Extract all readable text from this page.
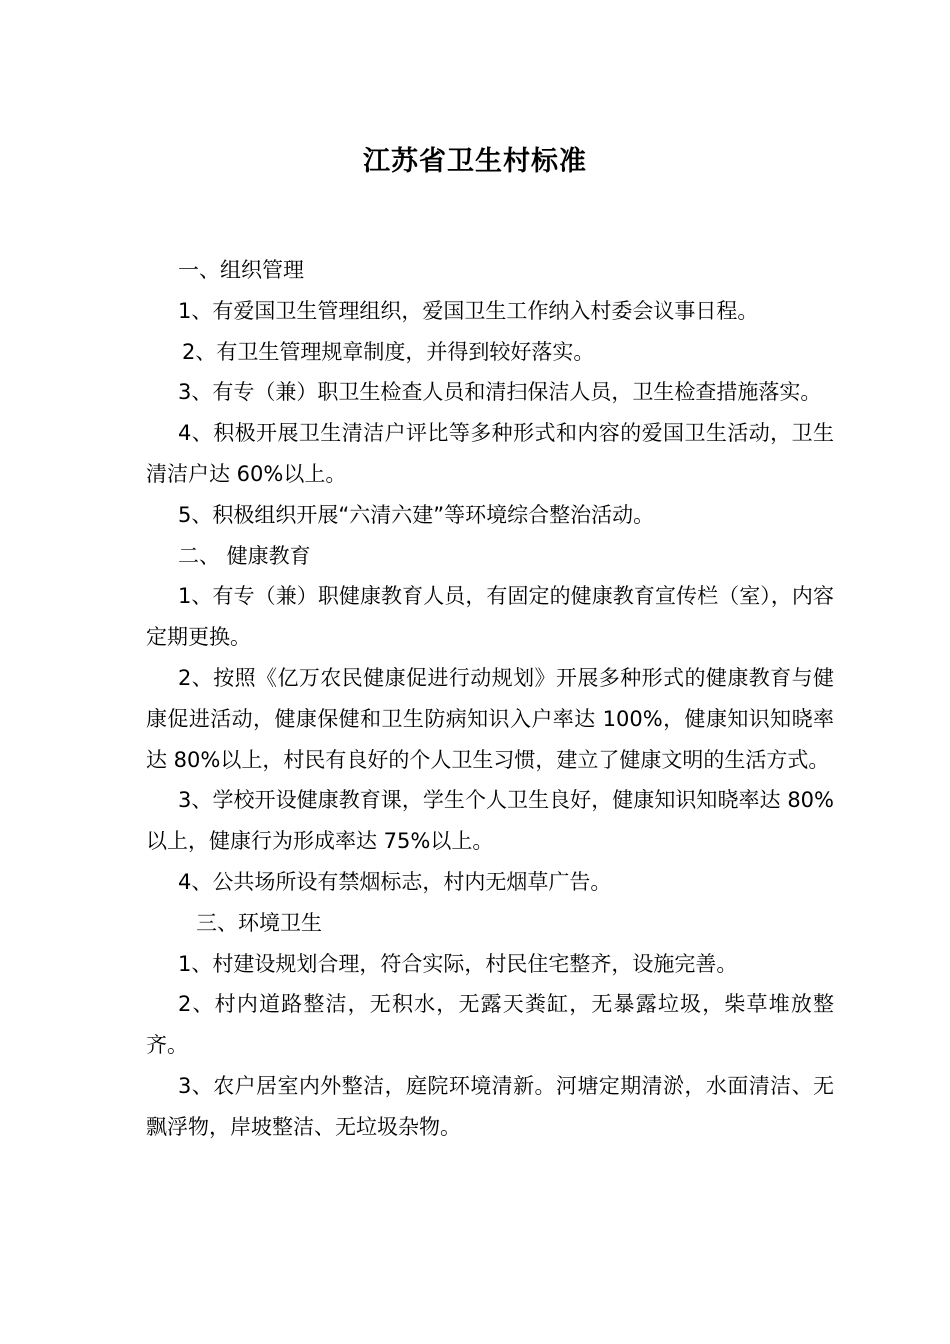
江苏省卫生村标准

一、组织管理

1、有爱国卫生管理组织，爱国卫生工作纳入村委会议事日程。

2、有卫生管理规章制度，并得到较好落实。

3、有专（兼）职卫生检查人员和清扫保洁人员，卫生检查措施落实。

4、积极开展卫生清洁户评比等多种形式和内容的爱国卫生活动，卫生清洁户达 60%以上。

5、积极组织开展“六清六建”等环境综合整治活动。

二、 健康教育

1、有专（兼）职健康教育人员，有固定的健康教育宣传栏（室），内容定期更换。

2、按照《亿万农民健康促进行动规划》开展多种形式的健康教育与健康促进活动，健康保健和卫生防病知识入户率达 100%，健康知识知晓率达 80%以上，村民有良好的个人卫生习惯，建立了健康文明的生活方式。

3、学校开设健康教育课，学生个人卫生良好，健康知识知晓率达 80%以上，健康行为形成率达 75%以上。

4、公共场所设有禁烟标志，村内无烟草广告。

三、环境卫生

1、村建设规划合理，符合实际，村民住宅整齐，设施完善。

2、村内道路整洁，无积水，无露天粪缸，无暴露垃圾，柴草堆放整齐。

3、农户居室内外整洁，庭院环境清新。河塘定期清淤，水面清洁、无飘浮物，岸坡整洁、无垃圾杂物。
